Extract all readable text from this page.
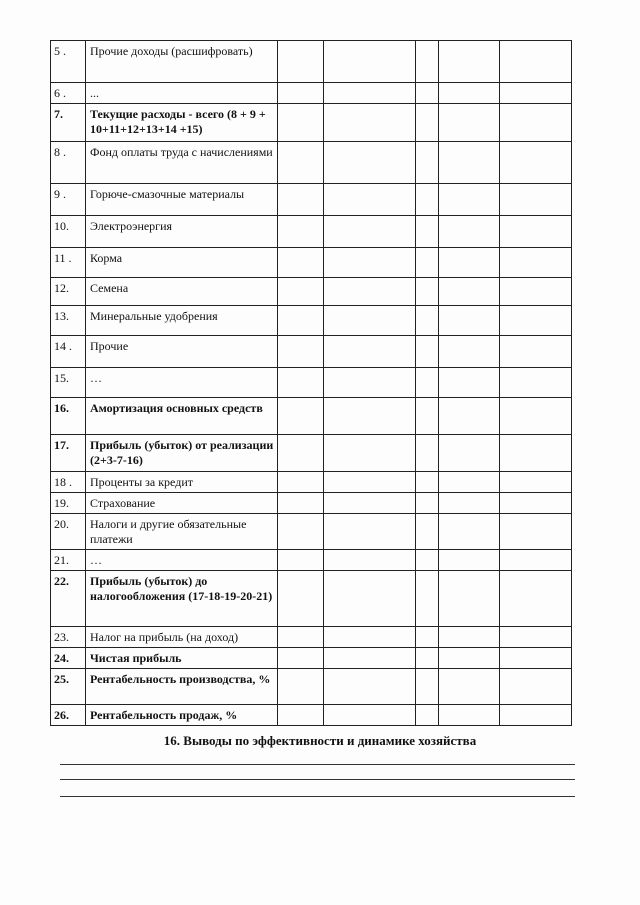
5 .	Прочие доходы (расшифровать)					
6 .	...					
7.	Текущие расходы - всего (8 + 9 + 10+11+12+13+14 +15)					
8 .	Фонд оплаты труда с начислениями					
9 .	Горюче-смазочные материалы					
10.	Электроэнергия					
11 .	Корма					
12.	Семена					
13.	Минеральные удобрения					
14 .	Прочие					
15.	…					
16.	Амортизация основных средств					
17.	Прибыль (убыток) от реализации (2+3-7-16)					
18 .	Проценты за кредит					
19.	Страхование					
20.	Налоги и другие обязательные платежи					
21.	…					
22.	Прибыль (убыток) до налогообложения (17-18-19-20-21)					
23.	Налог на прибыль (на доход)					
24.	Чистая прибыль					
25.	Рентабельность производства, %					
26.	Рентабельность продаж, %					
16. Выводы по эффективности и динамике хозяйства
